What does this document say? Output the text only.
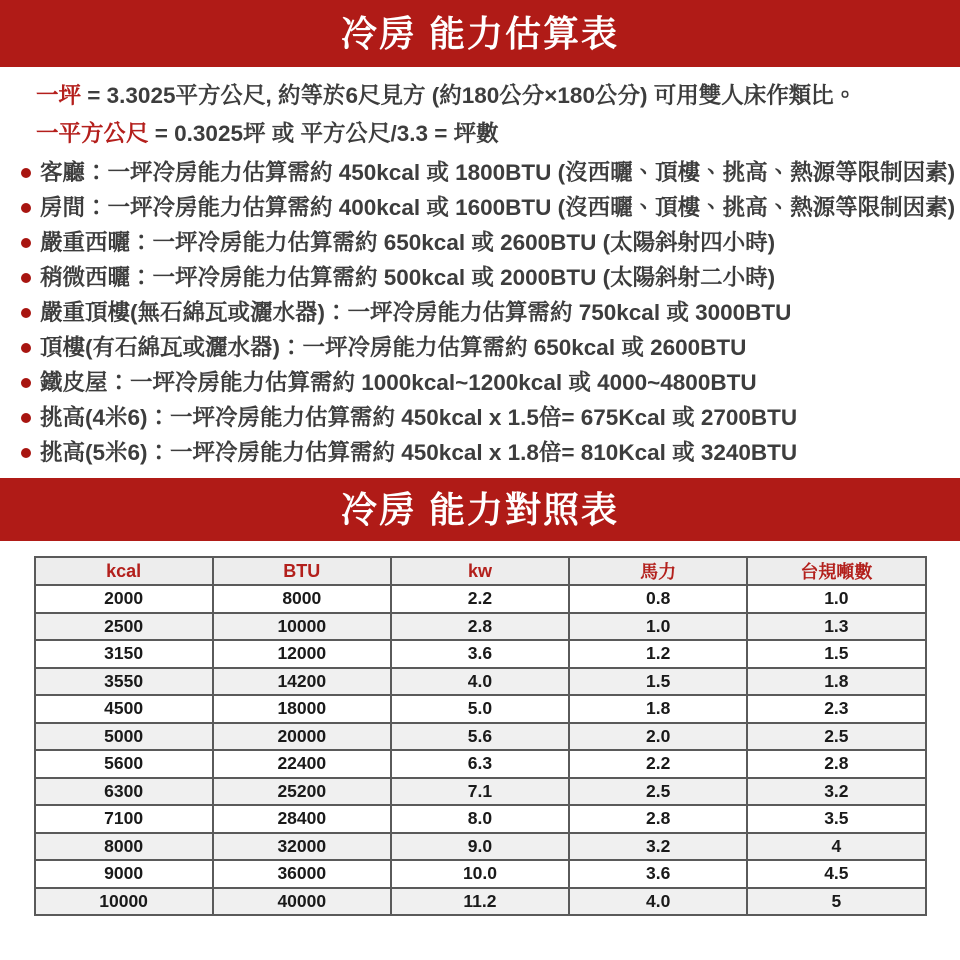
冷房 能力估算表

一坪 = 3.3025平方公尺, 約等於6尺見方 (約180公分×180公分) 可用雙人床作類比。

一平方公尺 = 0.3025坪 或 平方公尺/3.3 = 坪數

客廳：一坪冷房能力估算需約 450kcal 或 1800BTU (沒西曬、頂樓、挑高、熱源等限制因素)
房間：一坪冷房能力估算需約 400kcal 或 1600BTU (沒西曬、頂樓、挑高、熱源等限制因素)
嚴重西曬：一坪冷房能力估算需約 650kcal 或 2600BTU (太陽斜射四小時)
稍微西曬：一坪冷房能力估算需約 500kcal 或 2000BTU (太陽斜射二小時)
嚴重頂樓(無石綿瓦或灑水器)：一坪冷房能力估算需約 750kcal 或 3000BTU
頂樓(有石綿瓦或灑水器)：一坪冷房能力估算需約 650kcal 或 2600BTU
鐵皮屋：一坪冷房能力估算需約 1000kcal~1200kcal 或 4000~4800BTU
挑高(4米6)：一坪冷房能力估算需約 450kcal x 1.5倍= 675Kcal 或 2700BTU
挑高(5米6)：一坪冷房能力估算需約 450kcal x 1.8倍= 810Kcal 或 3240BTU
冷房 能力對照表
kcal	BTU	kw	馬力	台規噸數
2000	8000	2.2	0.8	1.0
2500	10000	2.8	1.0	1.3
3150	12000	3.6	1.2	1.5
3550	14200	4.0	1.5	1.8
4500	18000	5.0	1.8	2.3
5000	20000	5.6	2.0	2.5
5600	22400	6.3	2.2	2.8
6300	25200	7.1	2.5	3.2
7100	28400	8.0	2.8	3.5
8000	32000	9.0	3.2	4
9000	36000	10.0	3.6	4.5
10000	40000	11.2	4.0	5
